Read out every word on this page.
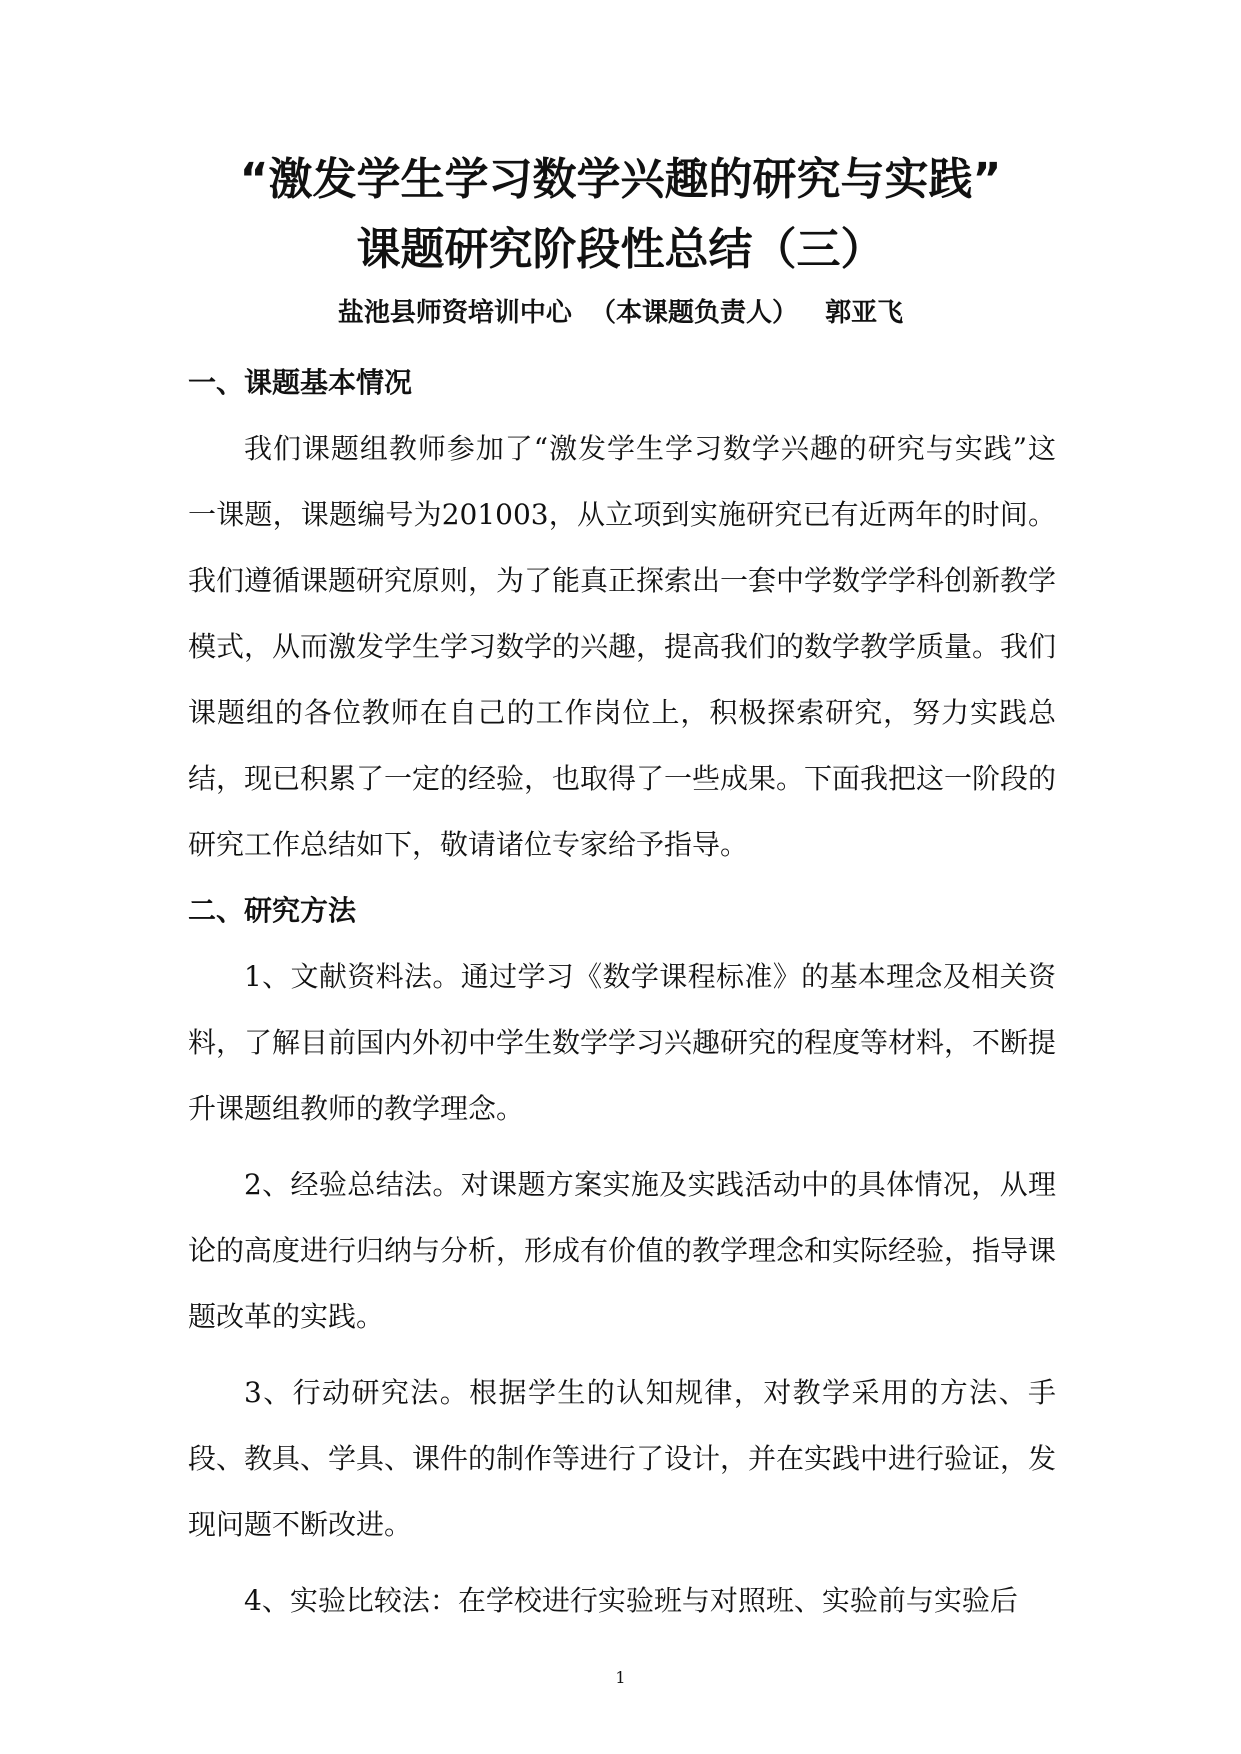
“激发学生学习数学兴趣的研究与实践”
课题研究阶段性总结（三）
盐池县师资培训中心  （本课题负责人）   郭亚飞
一、课题基本情况

我们课题组教师参加了“激发学生学习数学兴趣的研究与实践”这一课题，课题编号为201003，从立项到实施研究已有近两年的时间。我们遵循课题研究原则，为了能真正探索出一套中学数学学科创新教学模式，从而激发学生学习数学的兴趣，提高我们的数学教学质量。我们课题组的各位教师在自己的工作岗位上，积极探索研究，努力实践总结，现已积累了一定的经验，也取得了一些成果。下面我把这一阶段的研究工作总结如下，敬请诸位专家给予指导。

二、研究方法

1、文献资料法。通过学习《数学课程标准》的基本理念及相关资料，了解目前国内外初中学生数学学习兴趣研究的程度等材料，不断提升课题组教师的教学理念。

2、经验总结法。对课题方案实施及实践活动中的具体情况，从理论的高度进行归纳与分析，形成有价值的教学理念和实际经验，指导课题改革的实践。

3、行动研究法。根据学生的认知规律，对教学采用的方法、手段、教具、学具、课件的制作等进行了设计，并在实践中进行验证，发现问题不断改进。

4、实验比较法：在学校进行实验班与对照班、实验前与实验后

1
